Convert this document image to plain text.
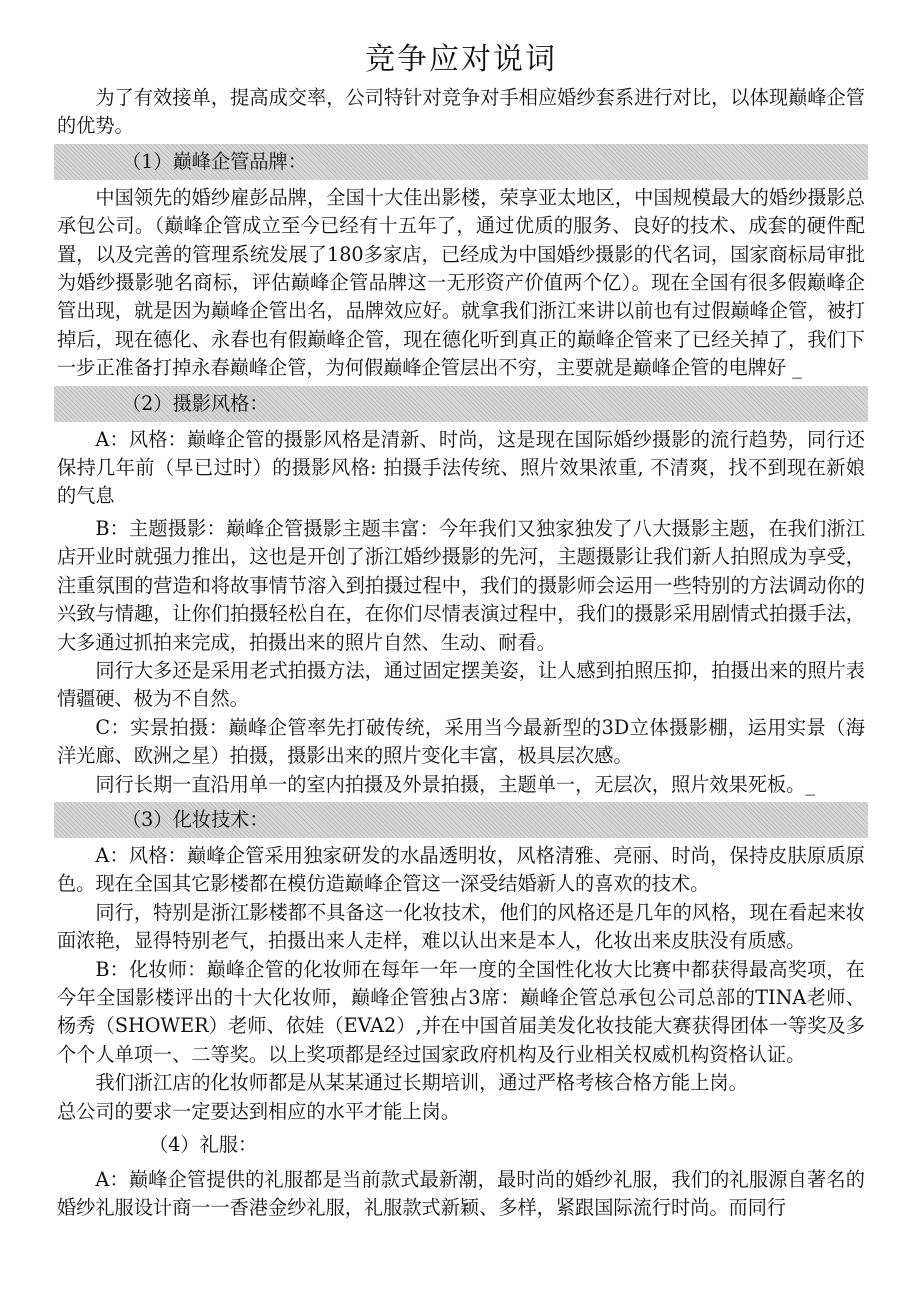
竞争应对说词

为了有效接单，提高成交率，公司特针对竞争对手相应婚纱套系进行对比，以体现巅峰企管的优势。

（1）巅峰企管品牌：

中国领先的婚纱雇彭品牌，全国十大佳出影楼，荣享亚太地区，中国规模最大的婚纱摄影总承包公司。（巅峰企管成立至今已经有十五年了，通过优质的服务、良好的技术、成套的硬件配置，以及完善的管理系统发展了180多家店，已经成为中国婚纱摄影的代名词，国家商标局审批为婚纱摄影驰名商标，评估巅峰企管品牌这一无形资产价值两个亿）。现在全国有很多假巅峰企管出现，就是因为巅峰企管出名，品牌效应好。就拿我们浙江来讲以前也有过假巅峰企管，被打掉后，现在德化、永春也有假巅峰企管，现在德化听到真正的巅峰企管来了已经关掉了，我们下一步正准备打掉永春巅峰企管，为何假巅峰企管层出不穷，主要就是巅峰企管的电牌好 _

（2）摄影风格：

A：风格：巅峰企管的摄影风格是清新、时尚，这是现在国际婚纱摄影的流行趋势，同行还保持几年前（早已过时）的摄影风格: 拍摄手法传统、照片效果浓重, 不清爽，找不到现在新娘的气息

B：主题摄影：巅峰企管摄影主题丰富：今年我们又独家独发了八大摄影主题，在我们浙江店开业时就强力推出，这也是开创了浙江婚纱摄影的先河，主题摄影让我们新人拍照成为享受，注重氛围的营造和将故事情节溶入到拍摄过程中，我们的摄影师会运用一些特别的方法调动你的兴致与情趣，让你们拍摄轻松自在，在你们尽情表演过程中，我们的摄影采用剧情式拍摄手法，大多通过抓拍来完成，拍摄出来的照片自然、生动、耐看。

同行大多还是采用老式拍摄方法，通过固定摆美姿，让人感到拍照压抑，拍摄出来的照片表情疆硬、极为不自然。

C：实景拍摄：巅峰企管率先打破传统，采用当今最新型的3D立体摄影棚，运用实景（海洋光廊、欧洲之星）拍摄，摄影出来的照片变化丰富，极具层次感。

同行长期一直沿用单一的室内拍摄及外景拍摄，主题单一，无层次，照片效果死板。_

（3）化妆技术：

A：风格：巅峰企管采用独家研发的水晶透明妆，风格清雅、亮丽、时尚，保持皮肤原质原色。现在全国其它影楼都在模仿造巅峰企管这一深受结婚新人的喜欢的技术。

同行，特别是浙江影楼都不具备这一化妆技术，他们的风格还是几年的风格，现在看起来妆面浓艳，显得特别老气，拍摄出来人走样，难以认出来是本人，化妆出来皮肤没有质感。

B：化妆师：巅峰企管的化妆师在每年一年一度的全国性化妆大比赛中都获得最高奖项，在今年全国影楼评出的十大化妆师，巅峰企管独占3席：巅峰企管总承包公司总部的TINA老师、杨秀（SHOWER）老师、依娃（EVA2）,并在中国首届美发化妆技能大赛获得团体一等奖及多个个人单项一、二等奖。以上奖项都是经过国家政府机构及行业相关权威机构资格认证。

我们浙江店的化妆师都是从某某通过长期培训，通过严格考核合格方能上岗。

总公司的要求一定要达到相应的水平才能上岗。

（4）礼服：

A：巅峰企管提供的礼服都是当前款式最新潮，最时尚的婚纱礼服，我们的礼服源自著名的婚纱礼服设计商一一香港金纱礼服，礼服款式新颖、多样，紧跟国际流行时尚。而同行
